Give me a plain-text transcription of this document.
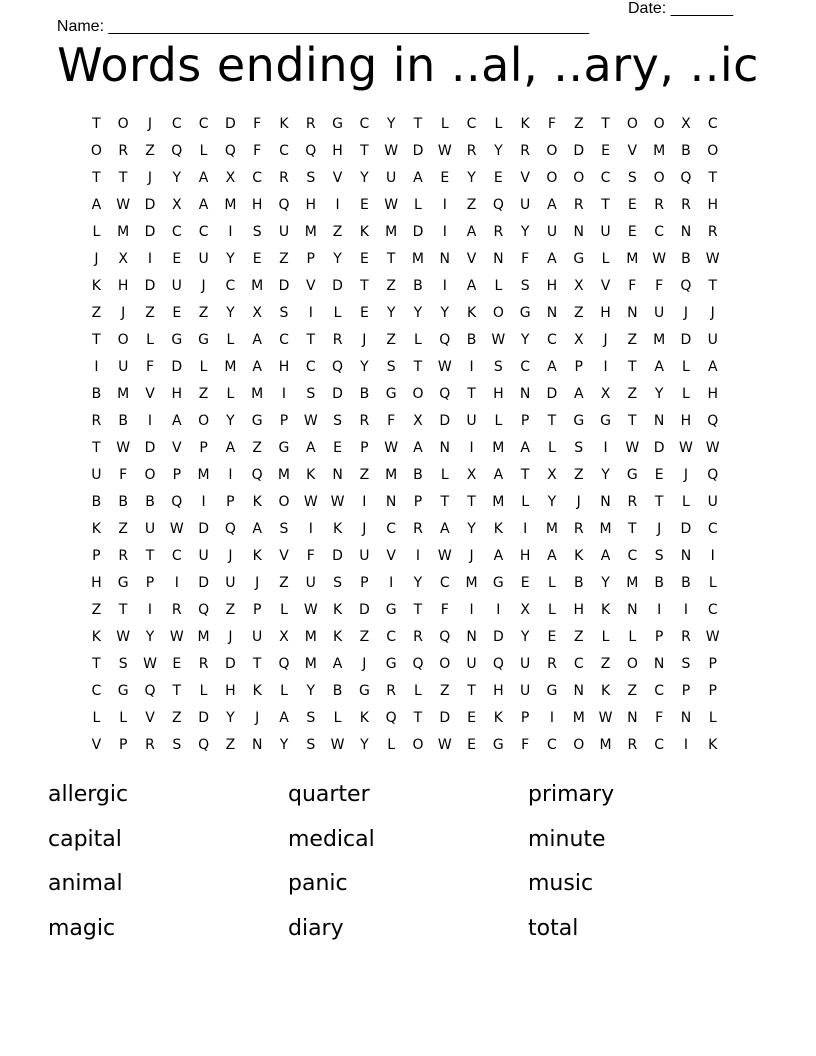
Name: ______________________________________________________

Date: _______

Words ending in ..al, ..ary, ..ic
T	O	J	C	C	D	F	K	R	G	C	Y	T	L	C	L	K	F	Z	T	O	O	X	C
O	R	Z	Q	L	Q	F	C	Q	H	T	W	D	W	R	Y	R	O	D	E	V	M	B	O
T	T	J	Y	A	X	C	R	S	V	Y	U	A	E	Y	E	V	O	O	C	S	O	Q	T
A	W	D	X	A	M	H	Q	H	I	E	W	L	I	Z	Q	U	A	R	T	E	R	R	H
L	M	D	C	C	I	S	U	M	Z	K	M	D	I	A	R	Y	U	N	U	E	C	N	R
J	X	I	E	U	Y	E	Z	P	Y	E	T	M	N	V	N	F	A	G	L	M W	B	W
K	H	D	U	J	C	M	D	V	D	T	Z	B	I	A	L	S	H	X	V	F	F	Q	T
Z	J	Z	E	Z	Y	X	S	I	L	E	Y	Y	Y	K	O	G	N	Z	H	N	U	J	J
T	O	L	G	G	L	A	C	T	R	J	Z	L	Q	B	W	Y	C	X	J	Z	M	D	U
I	U	F	D	L	M	A	H	C	Q	Y	S	T	W	I	S	C	A	P	I	T	A	L	A
B	M	V	H	Z	L	M	I	S	D	B	G	O	Q	T	H	N	D	A	X	Z	Y	L	H
R	B	I	A	O	Y	G	P	W	S	R	F	X	D	U	L	P	T	G	G	T	N	H	Q
T	W	D	V	P	A	Z	G	A	E	P	W	A	N	I	M	A	L	S	I	W	D	W W
U	F	O	P	M	I	Q	M	K	N	Z	M	B	L	X	A	T	X	Z	Y	G	E	J	Q
B	B	B	Q	I	P	K	O	W W	I	N	P	T	T	M	L	Y	J	N	R	T	L	U
K	Z	U	W	D	Q	A	S	I	K	J	C	R	A	Y	K	I	M	R	M	T	J	D	C
P	R	T	C	U	J	K	V	F	D	U	V	I	W	J	A	H	A	K	A	C	S	N	I
H	G	P	I	D	U	J	Z	U	S	P	I	Y	C	M	G	E	L	B	Y	M	B	B	L
Z	T	I	R	Q	Z	P	L	W	K	D	G	T	F	I	I	X	L	H	K	N	I	I	C
K	W	Y	W M	J	U	X	M	K	Z	C	R	Q	N	D	Y	E	Z	L	L	P	R	W
T	S	W	E	R	D	T	Q	M	A	J	G	Q	O	U	Q	U	R	C	Z	O	N	S	P
C	G	Q	T	L	H	K	L	Y	B	G	R	L	Z	T	H	U	G	N	K	Z	C	P	P
L	L	V	Z	D	Y	J	A	S	L	K	Q	T	D	E	K	P	I	M W	N	F	N	L
V	P	R	S	Q	Z	N	Y	S	W	Y	L	O	W	E	G	F	C	O	M	R	C	I	K
allergic	quarter	primary
capital	medical	minute
animal	panic	music
magic	diary	total
